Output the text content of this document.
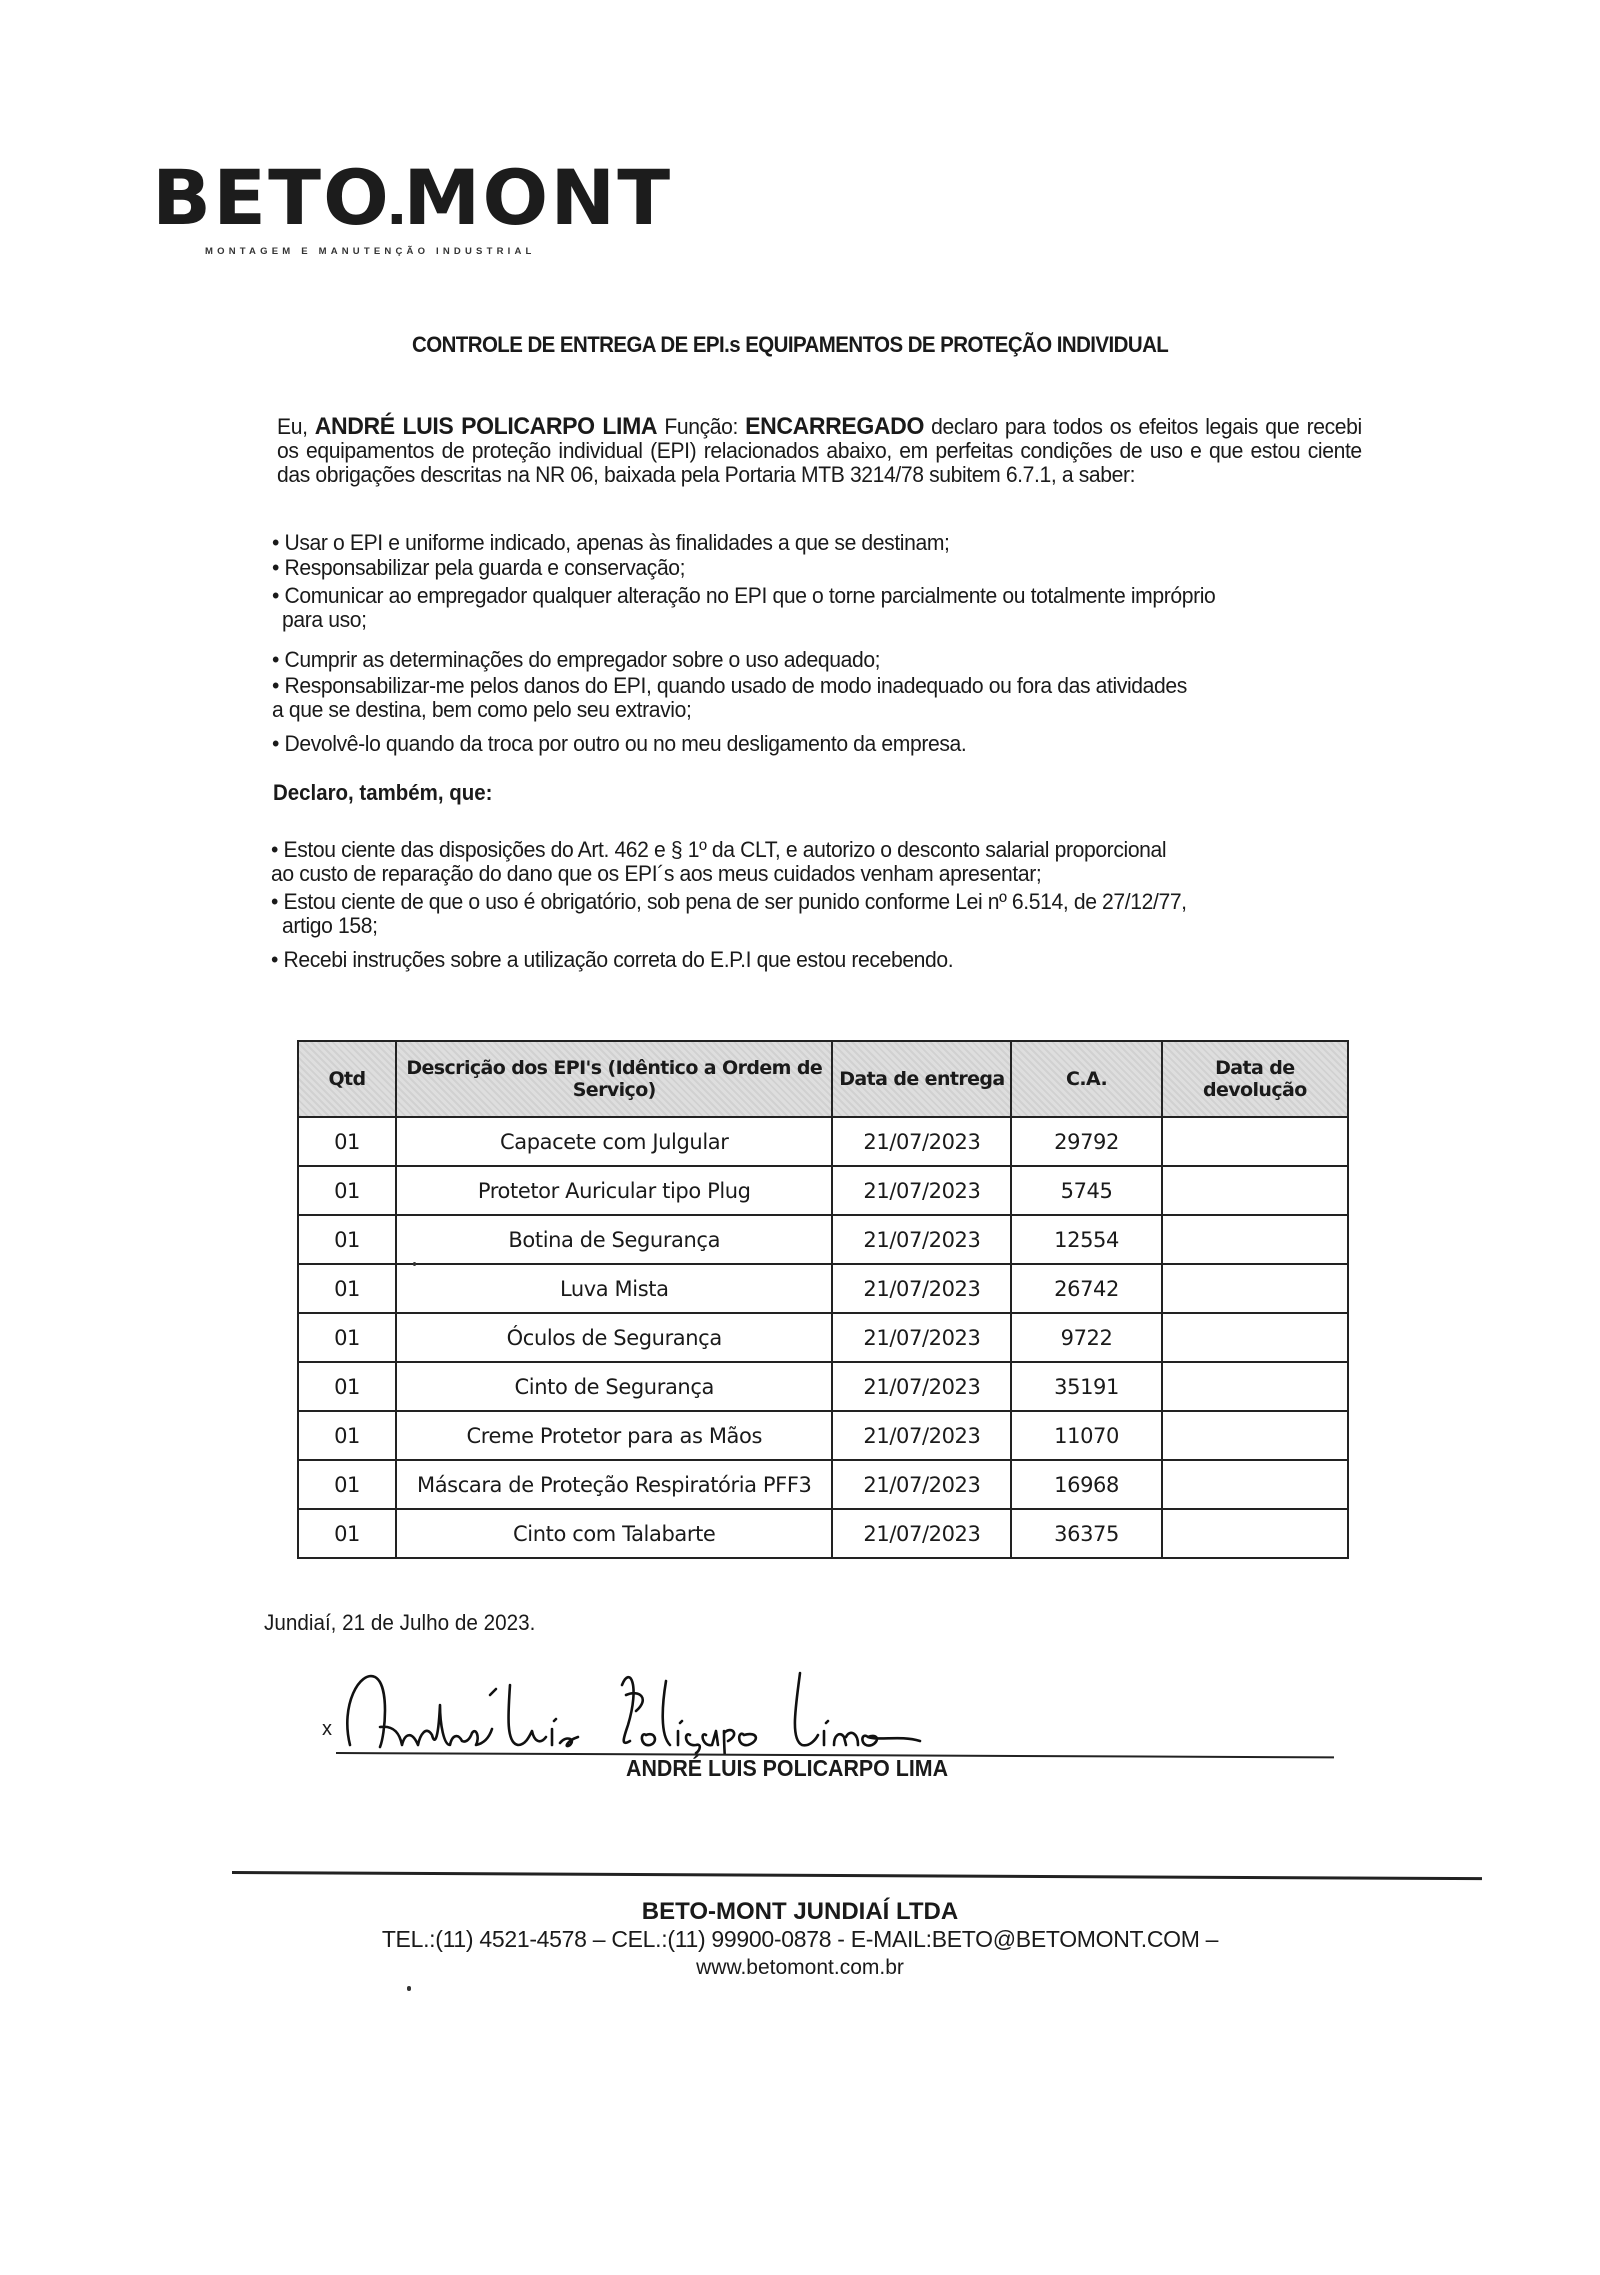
BETO MONT
MONTAGEM E MANUTENÇÃO INDUSTRIAL
CONTROLE DE ENTREGA DE EPI.s EQUIPAMENTOS DE PROTEÇÃO INDIVIDUAL
Eu, ANDRÉ LUIS POLICARPO LIMA Função: ENCARREGADO declaro para todos os efeitos legais que recebi os equipamentos de proteção individual (EPI) relacionados abaixo, em perfeitas condições de uso e que estou ciente das obrigações descritas na NR 06, baixada pela Portaria MTB 3214/78 subitem 6.7.1, a saber:
• Usar o EPI e uniforme indicado, apenas às finalidades a que se destinam;
• Responsabilizar pela guarda e conservação;
• Comunicar ao empregador qualquer alteração no EPI que o torne parcialmente ou totalmente impróprio
para uso;
• Cumprir as determinações do empregador sobre o uso adequado;
• Responsabilizar-me pelos danos do EPI, quando usado de modo inadequado ou fora das atividades
a que se destina, bem como pelo seu extravio;
• Devolvê-lo quando da troca por outro ou no meu desligamento da empresa.
Declaro, também, que:
• Estou ciente das disposições do Art. 462 e § 1º da CLT, e autorizo o desconto salarial proporcional
ao custo de reparação do dano que os EPI´s aos meus cuidados venham apresentar;
• Estou ciente de que o uso é obrigatório, sob pena de ser punido conforme Lei nº 6.514, de 27/12/77,
artigo 158;
• Recebi instruções sobre a utilização correta do E.P.I que estou recebendo.
Qtd	Descrição dos EPI's (Idêntico a Ordem de Serviço)	Data de entrega	C.A.	Data de devolução
01	Capacete com Julgular	21/07/2023	29792	
01	Protetor Auricular tipo Plug	21/07/2023	5745	
01	Botina de Segurança	21/07/2023	12554	
01	Luva Mista	21/07/2023	26742	
01	Óculos de Segurança	21/07/2023	9722	
01	Cinto de Segurança	21/07/2023	35191	
01	Creme Protetor para as Mãos	21/07/2023	11070	
01	Máscara de Proteção Respiratória PFF3	21/07/2023	16968	
01	Cinto com Talabarte	21/07/2023	36375	
Jundiaí, 21 de Julho de 2023.
x
ANDRÉ LUIS POLICARPO LIMA
BETO-MONT JUNDIAÍ LTDA
TEL.:(11) 4521-4578 – CEL.:(11) 99900-0878 - E-MAIL:BETO@BETOMONT.COM –
www.betomont.com.br
